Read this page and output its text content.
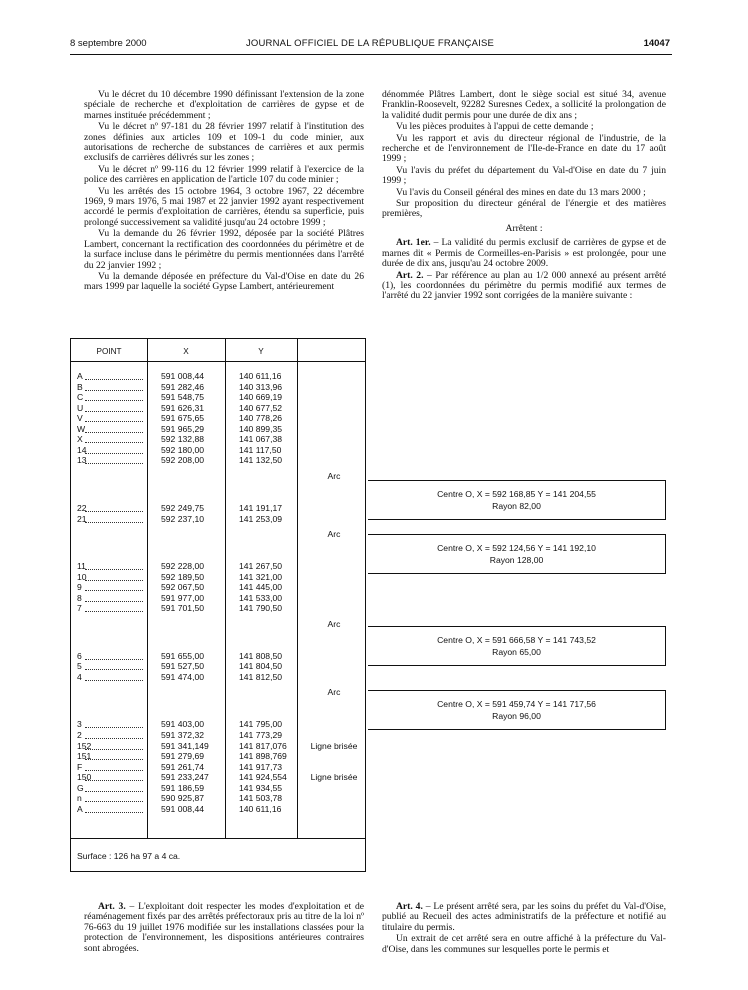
8 septembre 2000	JOURNAL OFFICIEL DE LA RÉPUBLIQUE FRANÇAISE	14047

Vu le décret du 10 décembre 1990 définissant l'extension de la zone spéciale de recherche et d'exploitation de carrières de gypse et de marnes instituée précédemment ;

Vu le décret nº 97-181 du 28 février 1997 relatif à l'institution des zones définies aux articles 109 et 109-1 du code minier, aux autorisations de recherche de substances de carrières et aux permis exclusifs de carrières délivrés sur les zones ;

Vu le décret nº 99-116 du 12 février 1999 relatif à l'exercice de la police des carrières en application de l'article 107 du code minier ;

Vu les arrêtés des 15 octobre 1964, 3 octobre 1967, 22 décembre 1969, 9 mars 1976, 5 mai 1987 et 22 janvier 1992 ayant respectivement accordé le permis d'exploitation de carrières, étendu sa superficie, puis prolongé successivement sa validité jusqu'au 24 octobre 1999 ;

Vu la demande du 26 février 1992, déposée par la société Plâtres Lambert, concernant la rectification des coordonnées du périmètre et de la surface incluse dans le périmètre du permis mentionnées dans l'arrêté du 22 janvier 1992 ;

Vu la demande déposée en préfecture du Val-d'Oise en date du 26 mars 1999 par laquelle la société Gypse Lambert, antérieurement

dénommée Plâtres Lambert, dont le siège social est situé 34, avenue Franklin-Roosevelt, 92282 Suresnes Cedex, a sollicité la prolongation de la validité dudit permis pour une durée de dix ans ;

Vu les pièces produites à l'appui de cette demande ;

Vu les rapport et avis du directeur régional de l'industrie, de la recherche et de l'environnement de l'Ile-de-France en date du 17 août 1999 ;

Vu l'avis du préfet du département du Val-d'Oise en date du 7 juin 1999 ;

Vu l'avis du Conseil général des mines en date du 13 mars 2000 ;

Sur proposition du directeur général de l'énergie et des matières premières,

Arrêtent :

Art. 1er. – La validité du permis exclusif de carrières de gypse et de marnes dit « Permis de Cormeilles-en-Parisis » est prolongée, pour une durée de dix ans, jusqu'au 24 octobre 2009.

Art. 2. – Par référence au plan au 1/2 000 annexé au présent arrêté (1), les coordonnées du périmètre du permis modifié aux termes de l'arrêté du 22 janvier 1992 sont corrigées de la manière suivante :

POINT	X	Y
A	591 008,44	140 611,16
B	591 282,46	140 313,96
C	591 548,75	140 669,19
U	591 626,31	140 677,52
V	591 675,65	140 778,26
W	591 965,29	140 899,35
X	592 132,88	141 067,38
14	592 180,00	141 117,50
13	592 208,00	141 132,50
Arc
22	592 249,75	141 191,17
21	592 237,10	141 253,09
Arc
11	592 228,00	141 267,50
10	592 189,50	141 321,00
9	592 067,50	141 445,00
8	591 977,00	141 533,00
7	591 701,50	141 790,50
Arc
6	591 655,00	141 808,50
5	591 527,50	141 804,50
4	591 474,00	141 812,50
Arc
3	591 403,00	141 795,00
2	591 372,32	141 773,29
152	591 341,149	141 817,076	Ligne brisée
151	591 279,69	141 898,769
F	591 261,74	141 917,73
150	591 233,247	141 924,554	Ligne brisée
G	591 186,59	141 934,55
n	590 925,87	141 503,78
A	591 008,44	140 611,16
Surface : 126 ha 97 a 4 ca.
Centre O, X = 592 168,85 Y = 141 204,55
Rayon 82,00
Centre O, X = 592 124,56 Y = 141 192,10
Rayon 128,00
Centre O, X = 591 666,58 Y = 141 743,52
Rayon 65,00
Centre O, X = 591 459,74 Y = 141 717,56
Rayon 96,00

Art. 3. – L'exploitant doit respecter les modes d'exploitation et de réaménagement fixés par des arrêtés préfectoraux pris au titre de la loi nº 76-663 du 19 juillet 1976 modifiée sur les installations classées pour la protection de l'environnement, les dispositions antérieures contraires sont abrogées.

Art. 4. – Le présent arrêté sera, par les soins du préfet du Val-d'Oise, publié au Recueil des actes administratifs de la préfecture et notifié au titulaire du permis.

Un extrait de cet arrêté sera en outre affiché à la préfecture du Val-d'Oise, dans les communes sur lesquelles porte le permis et
